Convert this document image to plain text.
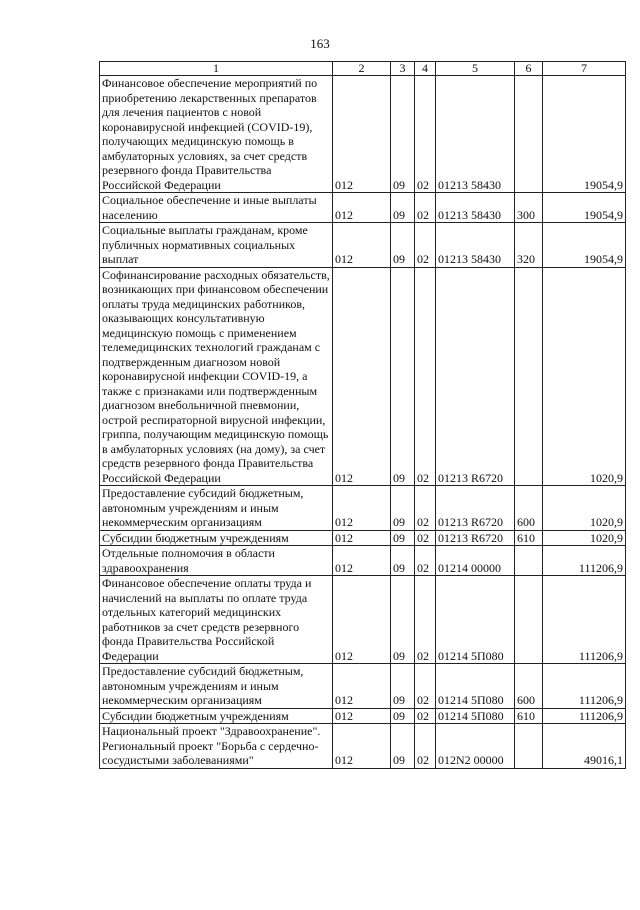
163
1	2	3	4	5	6	7
Финансовое обеспечение мероприятий по приобретению лекарственных препаратов для лечения пациентов с новой коронавирусной инфекцией (COVID-19), получающих медицинскую помощь в амбулаторных условиях, за счет средств резервного фонда Правительства Российской Федерации	012	09	02	01213 58430		19054,9
Социальное обеспечение и иные выплаты населению	012	09	02	01213 58430	300	19054,9
Социальные выплаты гражданам, кроме публичных нормативных социальных выплат	012	09	02	01213 58430	320	19054,9
Софинансирование расходных обязательств, возникающих при финансовом обеспечении оплаты труда медицинских работников, оказывающих консультативную медицинскую помощь с применением телемедицинских технологий гражданам с подтвержденным диагнозом новой коронавирусной инфекции COVID-19, а также с признаками или подтвержденным диагнозом внебольничной пневмонии, острой респираторной вирусной инфекции, гриппа, получающим медицинскую помощь в амбулаторных условиях (на дому), за счет средств резервного фонда Правительства Российской Федерации	012	09	02	01213 R6720		1020,9
Предоставление субсидий бюджетным, автономным учреждениям и иным некоммерческим организациям	012	09	02	01213 R6720	600	1020,9
Субсидии бюджетным учреждениям	012	09	02	01213 R6720	610	1020,9
Отдельные полномочия в области здравоохранения	012	09	02	01214 00000		111206,9
Финансовое обеспечение оплаты труда и начислений на выплаты по оплате труда отдельных категорий медицинских работников за счет средств резервного фонда Правительства Российской Федерации	012	09	02	01214 5П080		111206,9
Предоставление субсидий бюджетным, автономным учреждениям и иным некоммерческим организациям	012	09	02	01214 5П080	600	111206,9
Субсидии бюджетным учреждениям	012	09	02	01214 5П080	610	111206,9
Национальный проект "Здравоохранение". Региональный проект "Борьба с сердечно-сосудистыми заболеваниями"	012	09	02	012N2 00000		49016,1
